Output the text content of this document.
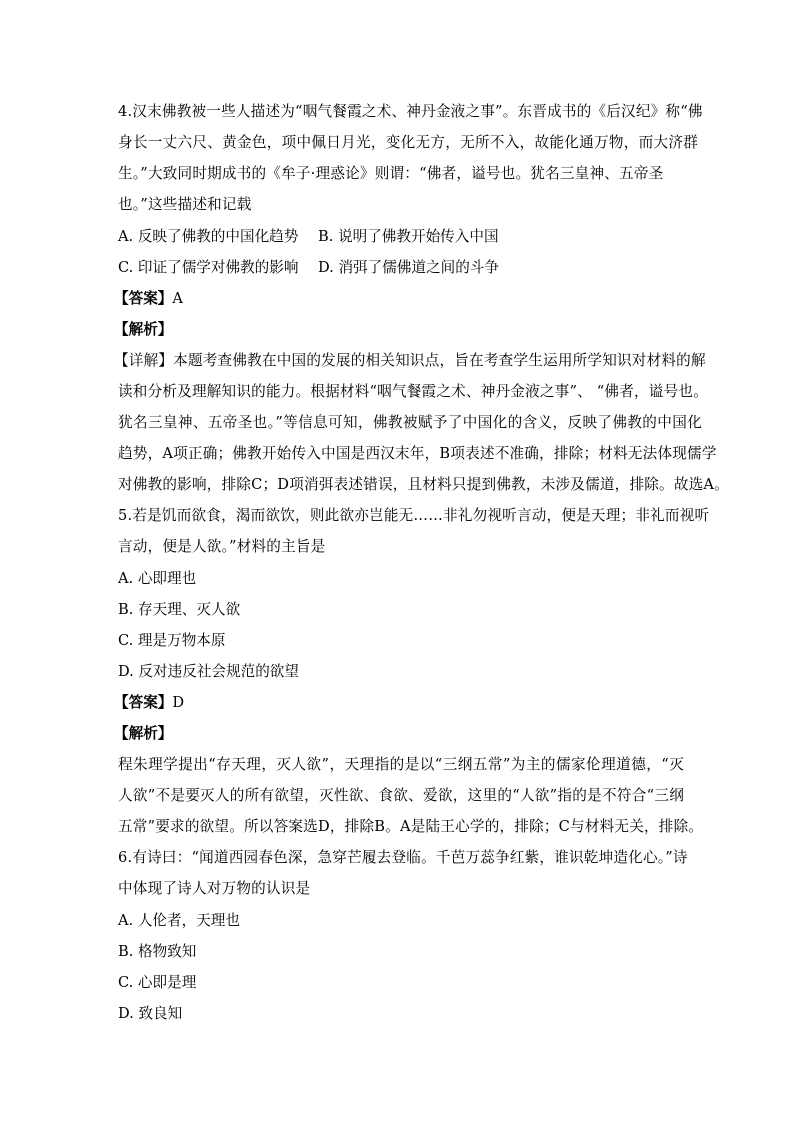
4.汉末佛教被一些人描述为“咽气餐霞之术、神丹金液之事”。东晋成书的《后汉纪》称“佛
身长一丈六尺、黄金色，项中佩日月光，变化无方，无所不入，故能化通万物，而大济群
生。”大致同时期成书的《牟子·理惑论》则谓：“佛者，谥号也。犹名三皇神、五帝圣
也。”这些描述和记载
A. 反映了佛教的中国化趋势 B. 说明了佛教开始传入中国
C. 印证了儒学对佛教的影响 D. 消弭了儒佛道之间的斗争
【答案】A
【解析】
【详解】本题考查佛教在中国的发展的相关知识点，旨在考查学生运用所学知识对材料的解
读和分析及理解知识的能力。根据材料“咽气餐霞之术、神丹金液之事”、 “佛者，谥号也。
犹名三皇神、五帝圣也。”等信息可知，佛教被赋予了中国化的含义，反映了佛教的中国化
趋势，A项正确；佛教开始传入中国是西汉末年，B项表述不准确，排除；材料无法体现儒学
对佛教的影响，排除C；D项消弭表述错误，且材料只提到佛教，未涉及儒道，排除。故选A。
5.若是饥而欲食，渴而欲饮，则此欲亦岂能无……非礼勿视听言动，便是天理；非礼而视听
言动，便是人欲。”材料的主旨是
A. 心即理也
B. 存天理、灭人欲
C. 理是万物本原
D. 反对违反社会规范的欲望
【答案】D
【解析】
程朱理学提出“存天理，灭人欲”，天理指的是以“三纲五常”为主的儒家伦理道德，“灭
人欲”不是要灭人的所有欲望，灭性欲、食欲、爱欲，这里的“人欲”指的是不符合“三纲
五常”要求的欲望。所以答案选D，排除B。A是陆王心学的，排除；C与材料无关，排除。
6.有诗曰：“闻道西园春色深，急穿芒履去登临。千芭万蕊争红紫，谁识乾坤造化心。”诗
中体现了诗人对万物的认识是
A. 人伦者，天理也
B. 格物致知
C. 心即是理
D. 致良知
